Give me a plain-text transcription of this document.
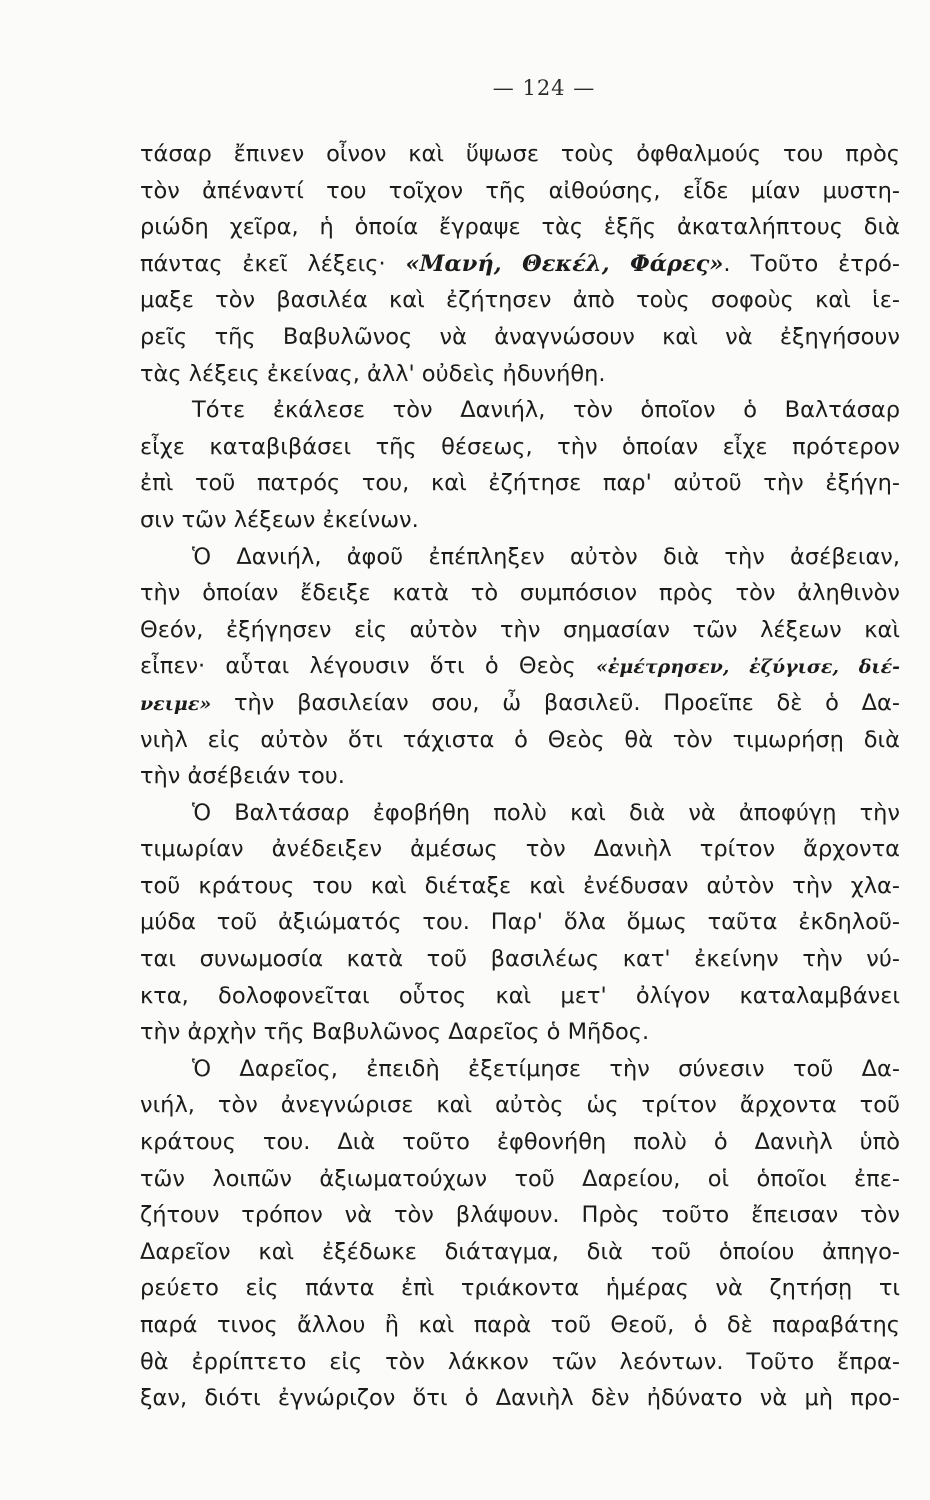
— 124 —
τάσαρ ἔπινεν οἶνον καὶ ὕψωσε τοὺς ὀφθαλμούς του πρὸς
τὸν ἀπέναντί του τοῖχον τῆς αἰθούσης, εἶδε μίαν μυστη-
ριώδη χεῖρα, ἡ ὁποία ἔγραψε τὰς ἑξῆς ἀκαταλήπτους διὰ
πάντας ἐκεῖ λέξεις· «Μανή, Θεκέλ, Φάρες». Τοῦτο ἐτρό-
μαξε τὸν βασιλέα καὶ ἐζήτησεν ἀπὸ τοὺς σοφοὺς καὶ ἱε-
ρεῖς τῆς Βαβυλῶνος νὰ ἀναγνώσουν καὶ νὰ ἐξηγήσουν
τὰς λέξεις ἐκείνας, ἀλλ' οὐδεὶς ἠδυνήθη.
Τότε ἐκάλεσε τὸν Δανιήλ, τὸν ὁποῖον ὁ Βαλτάσαρ
εἶχε καταβιβάσει τῆς θέσεως, τὴν ὁποίαν εἶχε πρότερον
ἐπὶ τοῦ πατρός του, καὶ ἐζήτησε παρ' αὐτοῦ τὴν ἐξήγη-
σιν τῶν λέξεων ἐκείνων.
Ὁ Δανιήλ, ἀφοῦ ἐπέπληξεν αὐτὸν διὰ τὴν ἀσέβειαν,
τὴν ὁποίαν ἔδειξε κατὰ τὸ συμπόσιον πρὸς τὸν ἀληθινὸν
Θεόν, ἐξήγησεν εἰς αὐτὸν τὴν σημασίαν τῶν λέξεων καὶ
εἶπεν· αὗται λέγουσιν ὅτι ὁ Θεὸς «ἐμέτρησεν, ἐζύγισε, διέ-
νειμε» τὴν βασιλείαν σου, ὦ βασιλεῦ. Προεῖπε δὲ ὁ Δα-
νιὴλ εἰς αὐτὸν ὅτι τάχιστα ὁ Θεὸς θὰ τὸν τιμωρήσῃ διὰ
τὴν ἀσέβειάν του.
Ὁ Βαλτάσαρ ἐφοβήθη πολὺ καὶ διὰ νὰ ἀποφύγῃ τὴν
τιμωρίαν ἀνέδειξεν ἀμέσως τὸν Δανιὴλ τρίτον ἄρχοντα
τοῦ κράτους του καὶ διέταξε καὶ ἐνέδυσαν αὐτὸν τὴν χλα-
μύδα τοῦ ἀξιώματός του. Παρ' ὅλα ὅμως ταῦτα ἐκδηλοῦ-
ται συνωμοσία κατὰ τοῦ βασιλέως κατ' ἐκείνην τὴν νύ-
κτα, δολοφονεῖται οὗτος καὶ μετ' ὀλίγον καταλαμβάνει
τὴν ἀρχὴν τῆς Βαβυλῶνος Δαρεῖος ὁ Μῆδος.
Ὁ Δαρεῖος, ἐπειδὴ ἐξετίμησε τὴν σύνεσιν τοῦ Δα-
νιήλ, τὸν ἀνεγνώρισε καὶ αὐτὸς ὡς τρίτον ἄρχοντα τοῦ
κράτους του. Διὰ τοῦτο ἐφθονήθη πολὺ ὁ Δανιὴλ ὑπὸ
τῶν λοιπῶν ἀξιωματούχων τοῦ Δαρείου, οἱ ὁποῖοι ἐπε-
ζήτουν τρόπον νὰ τὸν βλάψουν. Πρὸς τοῦτο ἔπεισαν τὸν
Δαρεῖον καὶ ἐξέδωκε διάταγμα, διὰ τοῦ ὁποίου ἀπηγο-
ρεύετο εἰς πάντα ἐπὶ τριάκοντα ἡμέρας νὰ ζητήσῃ τι
παρά τινος ἄλλου ἢ καὶ παρὰ τοῦ Θεοῦ, ὁ δὲ παραβάτης
θὰ ἐρρίπτετο εἰς τὸν λάκκον τῶν λεόντων. Τοῦτο ἔπρα-
ξαν, διότι ἐγνώριζον ὅτι ὁ Δανιὴλ δὲν ἠδύνατο νὰ μὴ προ-
